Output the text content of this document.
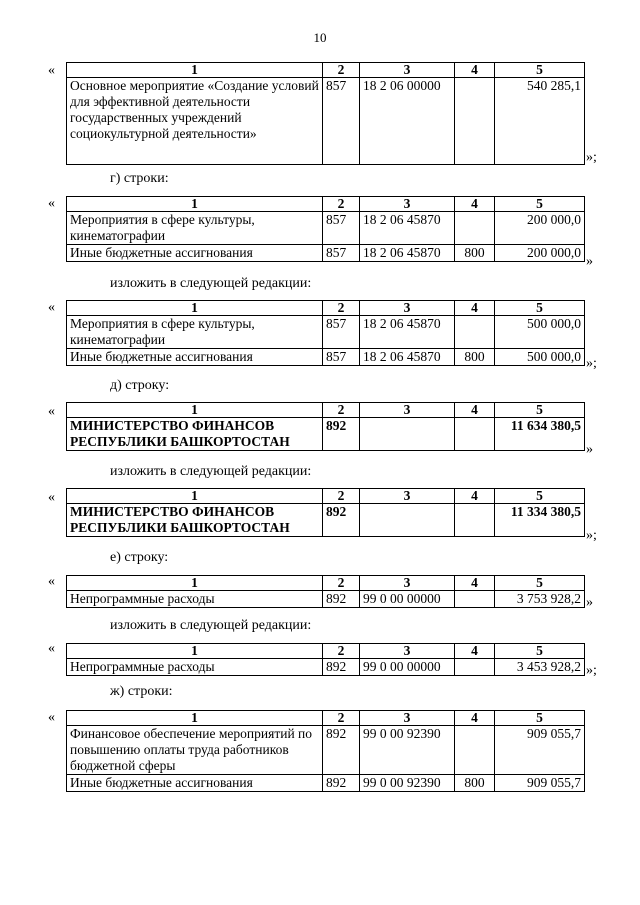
10
«	1	2	3	4	5
Основное мероприятие «Создание условий для эффективной деятельности государственных учреждений социокультурной деятельности»	857	18 2 06 00000		540 285,1
»;
г) строки:
«	1	2	3	4	5
Мероприятия в сфере культуры, кинематографии	857	18 2 06 45870		200 000,0
Иные бюджетные ассигнования	857	18 2 06 45870	800	200 000,0
»
изложить в следующей редакции:
«	1	2	3	4	5
Мероприятия в сфере культуры, кинематографии	857	18 2 06 45870		500 000,0
Иные бюджетные ассигнования	857	18 2 06 45870	800	500 000,0 »;
д) строку:
«	1	2	3	4	5
МИНИСТЕРСТВО ФИНАНСОВ РЕСПУБЛИКИ БАШКОРТОСТАН	892			11 634 380,5
»
изложить в следующей редакции:
«	1	2	3	4	5
МИНИСТЕРСТВО ФИНАНСОВ РЕСПУБЛИКИ БАШКОРТОСТАН	892			11 334 380,5
»;
е) строку:
«	1	2	3	4	5
Непрограммные расходы	892	99 0 00 00000		3 753 928,2 »
изложить в следующей редакции:
«	1	2	3	4	5
Непрограммные расходы	892	99 0 00 00000		3 453 928,2 »;
ж) строки:
«	1	2	3	4	5
Финансовое обеспечение мероприятий по повышению оплаты труда работников бюджетной сферы	892	99 0 00 92390		909 055,7
Иные бюджетные ассигнования	892	99 0 00 92390	800	909 055,7
